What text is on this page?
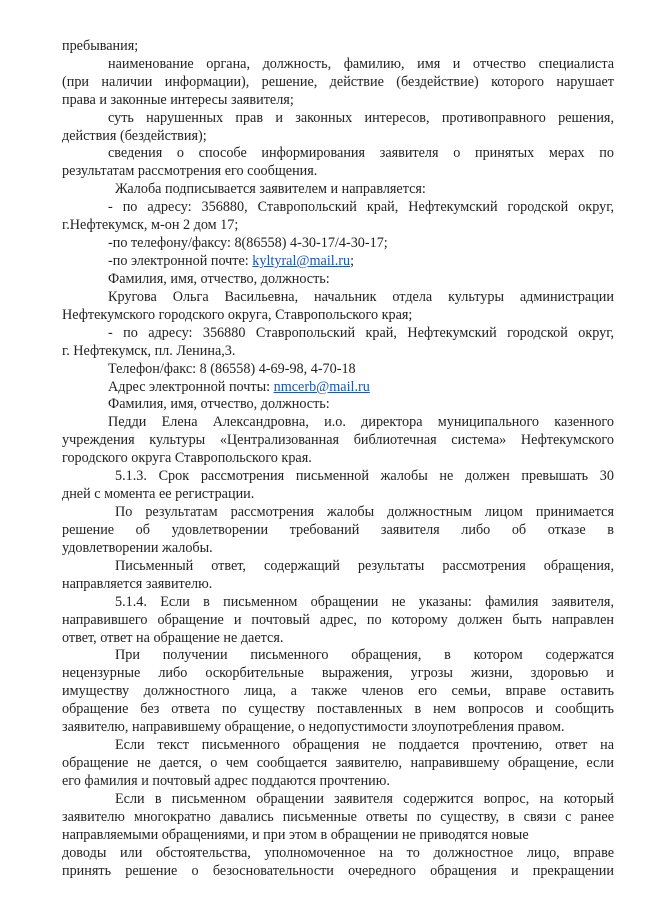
пребывания;
наименование органа, должность, фамилию, имя и отчество специалиста
(при наличии информации), решение, действие (бездействие) которого нарушает
права и законные интересы заявителя;
суть нарушенных прав и законных интересов, противоправного решения,
действия (бездействия);
сведения о способе информирования заявителя о принятых мерах по
результатам рассмотрения его сообщения.
Жалоба подписывается заявителем и направляется:
- по адресу: 356880, Ставропольский край, Нефтекумский городской округ,
г.Нефтекумск, м-он 2 дом 17;
-по телефону/факсу: 8(86558) 4-30-17/4-30-17;
-по электронной почте: kyltyral@mail.ru;
Фамилия, имя, отчество, должность:
Кругова Ольга Васильевна, начальник отдела культуры администрации
Нефтекумского городского округа, Ставропольского края;
- по адресу: 356880 Ставропольский край, Нефтекумский городской округ,
г. Нефтекумск, пл. Ленина,3.
Телефон/факс: 8 (86558) 4-69-98, 4-70-18
Адрес электронной почты: nmcerb@mail.ru
Фамилия, имя, отчество, должность:
Педди Елена Александровна, и.о. директора муниципального казенного
учреждения культуры «Централизованная библиотечная система» Нефтекумского
городского округа Ставропольского края.
5.1.3. Срок рассмотрения письменной жалобы не должен превышать 30
дней с момента ее регистрации.
По результатам рассмотрения жалобы должностным лицом принимается
решение об удовлетворении требований заявителя либо об отказе в
удовлетворении жалобы.
Письменный ответ, содержащий результаты рассмотрения обращения,
направляется заявителю.
5.1.4. Если в письменном обращении не указаны: фамилия заявителя,
направившего обращение и почтовый адрес, по которому должен быть направлен
ответ, ответ на обращение не дается.
При получении письменного обращения, в котором содержатся
нецензурные либо оскорбительные выражения, угрозы жизни, здоровью и
имуществу должностного лица, а также членов его семьи, вправе оставить
обращение без ответа по существу поставленных в нем вопросов и сообщить
заявителю, направившему обращение, о недопустимости злоупотребления правом.
Если текст письменного обращения не поддается прочтению, ответ на
обращение не дается, о чем сообщается заявителю, направившему обращение, если
его фамилия и почтовый адрес поддаются прочтению.
Если в письменном обращении заявителя содержится вопрос, на который
заявителю многократно давались письменные ответы по существу, в связи с ранее
направляемыми обращениями, и при этом в обращении не приводятся новые
доводы или обстоятельства, уполномоченное на то должностное лицо, вправе
принять решение о безосновательности очередного обращения и прекращении
